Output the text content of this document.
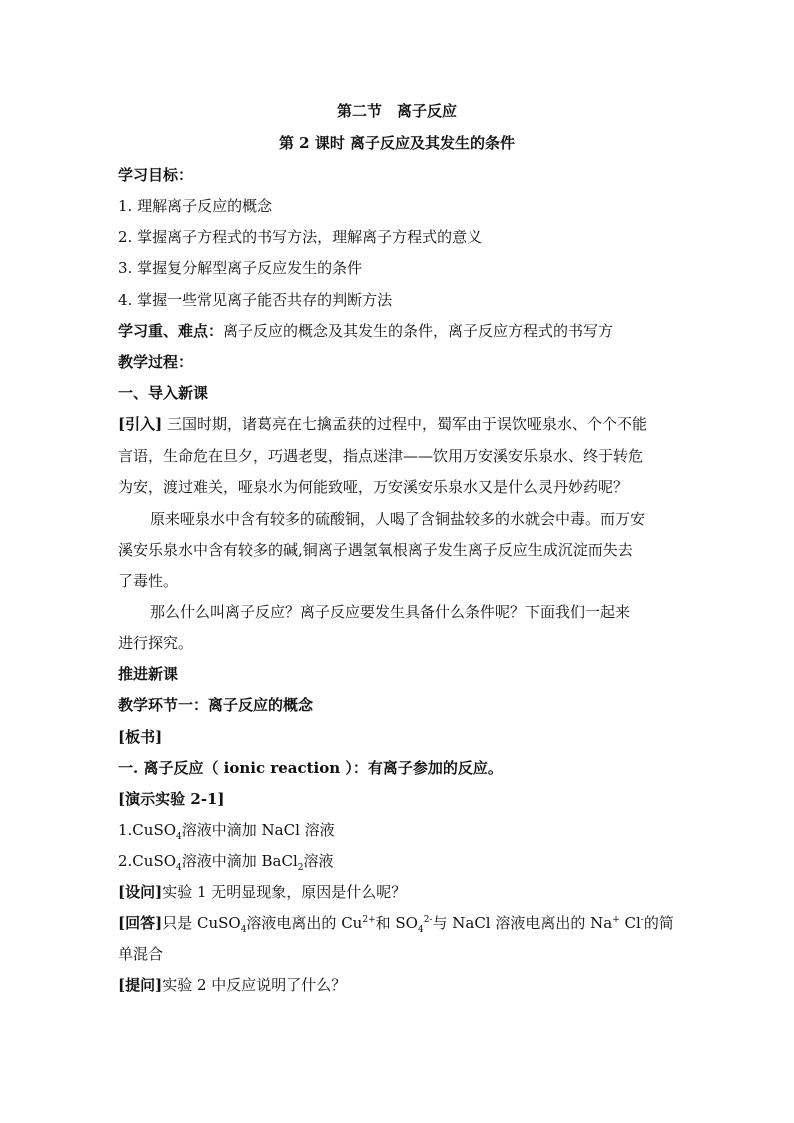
第二节　离子反应
第 2 课时 离子反应及其发生的条件
学习目标：
1. 理解离子反应的概念
2. 掌握离子方程式的书写方法，理解离子方程式的意义
3. 掌握复分解型离子反应发生的条件
4. 掌握一些常见离子能否共存的判断方法
学习重、难点：离子反应的概念及其发生的条件，离子反应方程式的书写方
教学过程：
一、导入新课
[引入] 三国时期，诸葛亮在七擒孟获的过程中，蜀军由于误饮哑泉水、个个不能
言语，生命危在旦夕，巧遇老叟，指点迷津——饮用万安溪安乐泉水、终于转危
为安，渡过难关，哑泉水为何能致哑，万安溪安乐泉水又是什么灵丹妙药呢？
原来哑泉水中含有较多的硫酸铜，人喝了含铜盐较多的水就会中毒。而万安
溪安乐泉水中含有较多的碱,铜离子遇氢氧根离子发生离子反应生成沉淀而失去
了毒性。
那么什么叫离子反应？离子反应要发生具备什么条件呢？下面我们一起来
进行探究。
推进新课
教学环节一：离子反应的概念
[板书]
一. 离子反应（ ionic reaction ）：有离子参加的反应。
[演示实验 2-1]
1.CuSO$_4$溶液中滴加 NaCl 溶液
2.CuSO$_4$溶液中滴加 BaCl$_2$溶液
[设问]实验 1 无明显现象，原因是什么呢？
[回答]只是 CuSO$_4$溶液电离出的 $Cu^{2+}$和 $SO_4^{2-}$与 NaCl 溶液电离出的 Na+ Cl-的简
单混合
[提问]实验 2 中反应说明了什么？
